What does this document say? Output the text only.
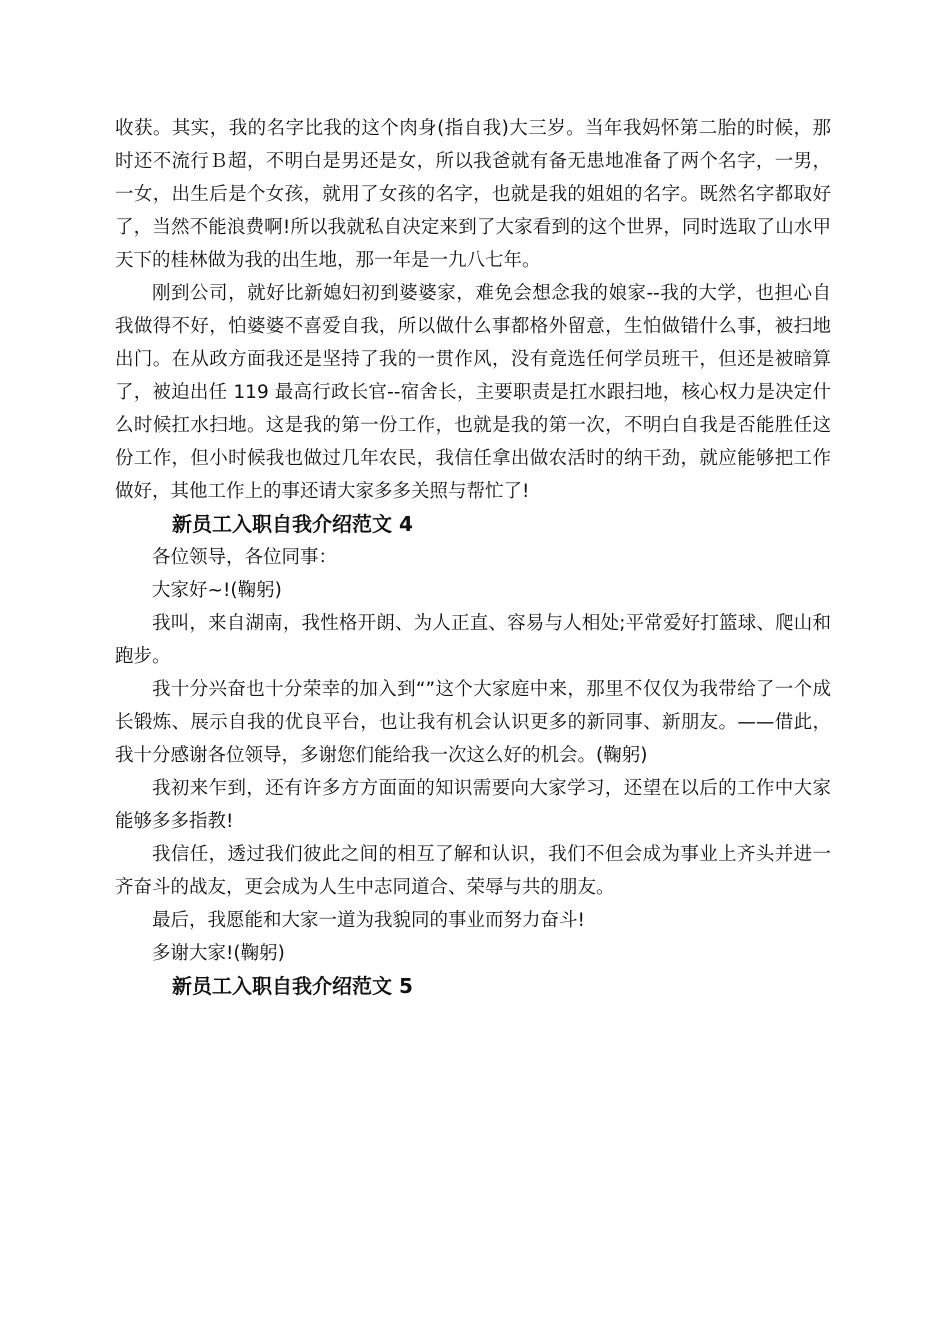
收获。其实，我的名字比我的这个肉身(指自我)大三岁。当年我妈怀第二胎的时候，那时还不流行Ｂ超，不明白是男还是女，所以我爸就有备无患地准备了两个名字，一男，一女，出生后是个女孩，就用了女孩的名字，也就是我的姐姐的名字。既然名字都取好了，当然不能浪费啊!所以我就私自决定来到了大家看到的这个世界，同时选取了山水甲天下的桂林做为我的出生地，那一年是一九八七年。

刚到公司，就好比新媳妇初到婆婆家，难免会想念我的娘家--我的大学，也担心自我做得不好，怕婆婆不喜爱自我，所以做什么事都格外留意，生怕做错什么事，被扫地出门。在从政方面我还是坚持了我的一贯作风，没有竟选任何学员班干，但还是被暗算了，被迫出任 119 最高行政长官--宿舍长，主要职责是扛水跟扫地，核心权力是决定什么时候扛水扫地。这是我的第一份工作，也就是我的第一次，不明白自我是否能胜任这份工作，但小时候我也做过几年农民，我信任拿出做农活时的纳干劲，就应能够把工作做好，其他工作上的事还请大家多多关照与帮忙了!

新员工入职自我介绍范文 4

各位领导，各位同事：

大家好~!(鞠躬)

我叫，来自湖南，我性格开朗、为人正直、容易与人相处;平常爱好打篮球、爬山和跑步。

我十分兴奋也十分荣幸的加入到“”这个大家庭中来，那里不仅仅为我带给了一个成长锻炼、展示自我的优良平台，也让我有机会认识更多的新同事、新朋友。——借此，我十分感谢各位领导，多谢您们能给我一次这么好的机会。(鞠躬)

我初来乍到，还有许多方方面面的知识需要向大家学习，还望在以后的工作中大家能够多多指教!

我信任，透过我们彼此之间的相互了解和认识，我们不但会成为事业上齐头并进一齐奋斗的战友，更会成为人生中志同道合、荣辱与共的朋友。

最后，我愿能和大家一道为我貌同的事业而努力奋斗!

多谢大家!(鞠躬)

新员工入职自我介绍范文 5
